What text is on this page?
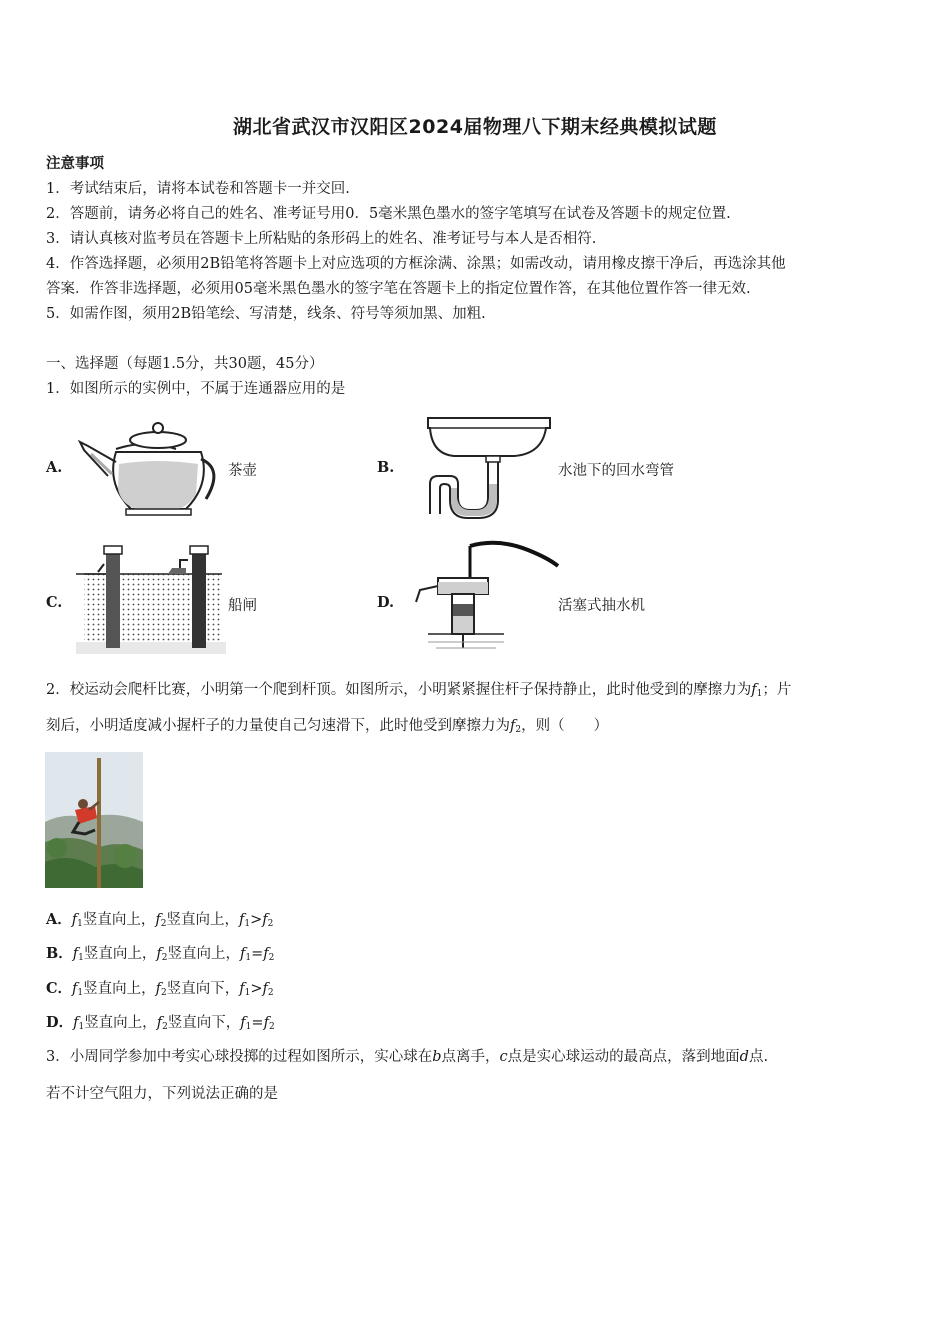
湖北省武汉市汉阳区2024届物理八下期末经典模拟试题
注意事项
1．考试结束后，请将本试卷和答题卡一并交回.
2．答题前，请务必将自己的姓名、准考证号用0．5毫米黑色墨水的签字笔填写在试卷及答题卡的规定位置.
3．请认真核对监考员在答题卡上所粘贴的条形码上的姓名、准考证号与本人是否相符.
4．作答选择题，必须用2B铅笔将答题卡上对应选项的方框涂满、涂黑；如需改动，请用橡皮擦干净后，再选涂其他
答案．作答非选择题，必须用05毫米黑色墨水的签字笔在答题卡上的指定位置作答，在其他位置作答一律无效.
5．如需作图，须用2B铅笔绘、写清楚，线条、符号等须加黑、加粗.
一、选择题（每题1.5分，共30题，45分）
1．如图所示的实例中，不属于连通器应用的是
A.	茶壶	B.	水池下的回水弯管
C.	船闸	D.	活塞式抽水机
2．校运动会爬杆比赛，小明第一个爬到杆顶。如图所示，小明紧紧握住杆子保持静止，此时他受到的摩擦力为$f_1$；片
刻后，小明适度减小握杆子的力量使自己匀速滑下，此时他受到摩擦力为$f_2$，则（　　）
A．$f_1$竖直向上，$f_2$竖直向上，$f_1>f_2$
B．$f_1$竖直向上，$f_2$竖直向上，$f_1=f_2$
C．$f_1$竖直向上，$f_2$竖直向下，$f_1>f_2$
D．$f_1$竖直向上，$f_2$竖直向下，$f_1=f_2$
3．小周同学参加中考实心球投掷的过程如图所示，实心球在b点离手，c点是实心球运动的最高点，落到地面d点.
若不计空气阻力，下列说法正确的是
